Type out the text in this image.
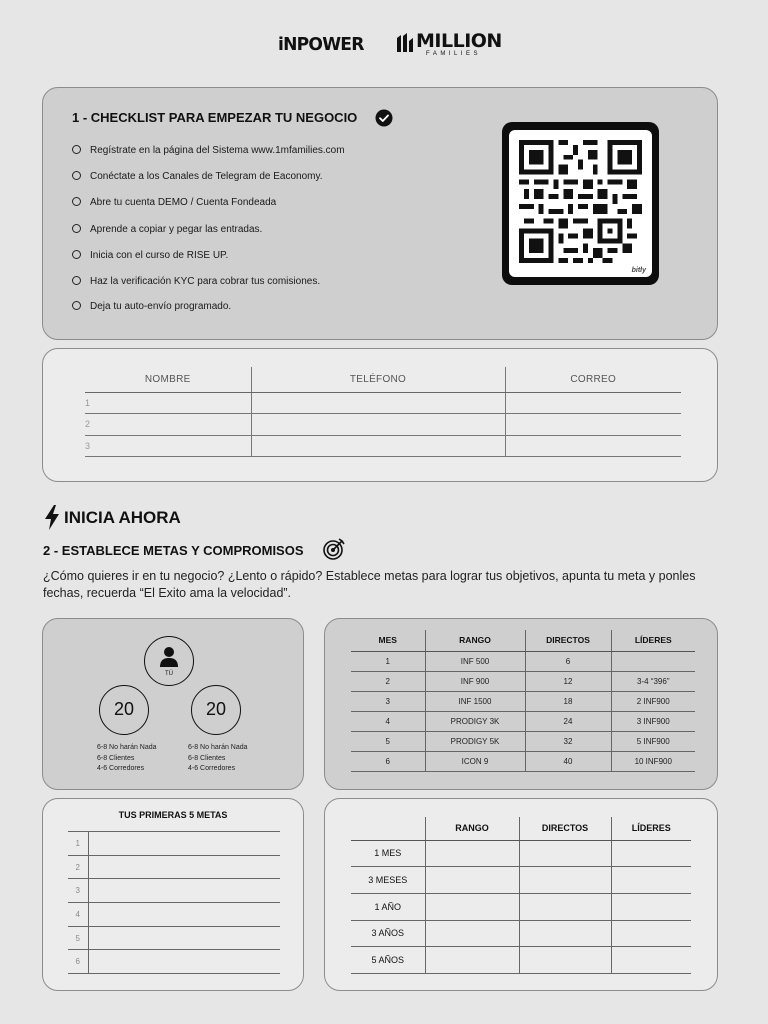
iNPOWER	MILLION
FAMILIES
1 - CHECKLIST PARA EMPEZAR TU NEGOCIO
Regístrate en la página del Sistema www.1mfamilies.com
Conéctate a los Canales de Telegram de Eaconomy.
Abre tu cuenta DEMO / Cuenta Fondeada
Aprende a copiar y pegar las entradas.
Inicia con el curso de RISE UP.
Haz la verificación KYC para cobrar tus comisiones.
Deja tu auto-envío programado.
bitly
NOMBRE	TELÉFONO	CORREO
1		
2		
3		
INICIA AHORA
2 - ESTABLECE METAS Y COMPROMISOS
¿Cómo quieres ir en tu negocio? ¿Lento o rápido? Establece metas para lograr tus objetivos, apunta tu meta y ponles fechas, recuerda “El Exito ama la velocidad”.
TÚ
20	20
6-8 No harán Nada
6-8 Clientes
4-6 Corredores
6-8 No harán Nada
6-8 Clientes
4-6 Corredores
MES	RANGO	DIRECTOS	LÍDERES
1	INF 500	6	
2	INF 900	12	3-4 “396”
3	INF 1500	18	2 INF900
4	PRODIGY 3K	24	3 INF900
5	PRODIGY 5K	32	5 INF900
6	ICON 9	40	10 INF900
TUS PRIMERAS 5 METAS
1	
2	
3	
4	
5	
6	
	RANGO	DIRECTOS	LÍDERES
1 MES			
3 MESES			
1 AÑO			
3 AÑOS			
5 AÑOS			
